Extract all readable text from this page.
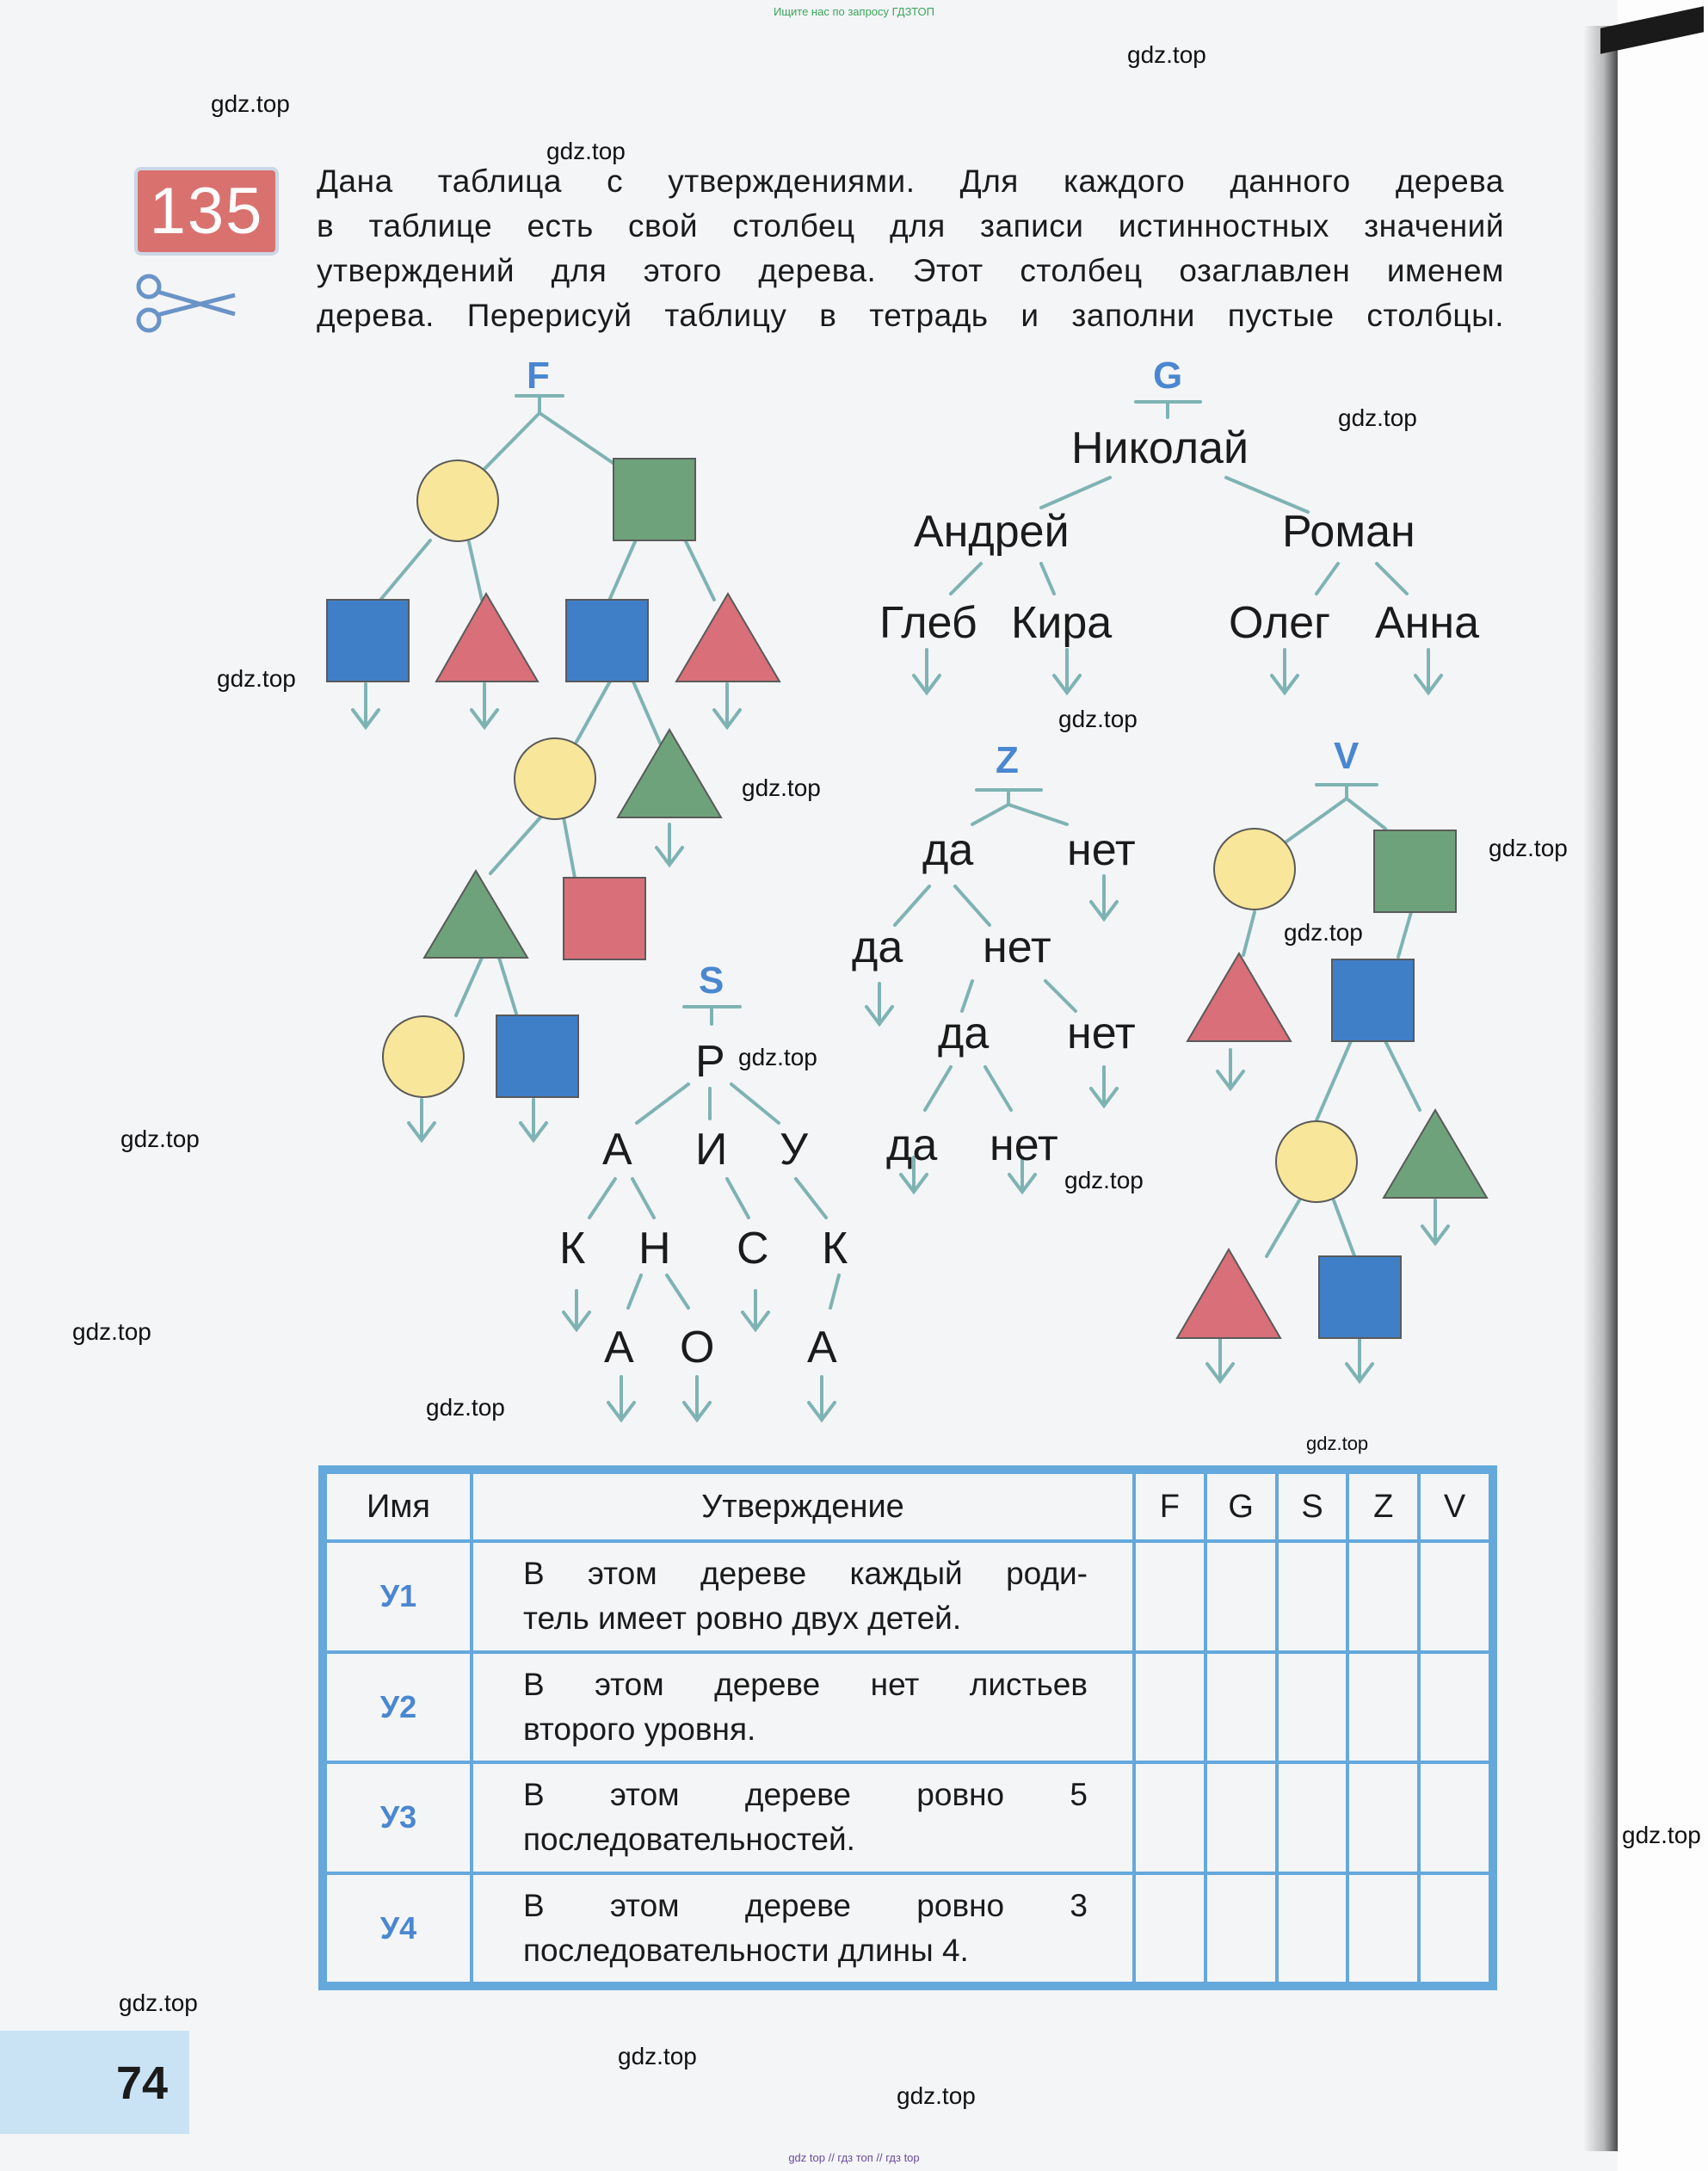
Ищите нас по запросу ГДЗТОП
gdz.top
gdz.top
gdz.top
gdz.top
gdz.top
gdz.top
gdz.top
gdz.top
gdz.top
gdz.top
gdz.top
gdz.top
gdz.top
gdz.top
gdz.top
gdz.top
gdz.top
gdz.top
gdz.top
135	Дана таблица с утверждениями. Для каждого данного дерева
в таблице есть свой столбец для записи истинностных значений
утверждений для этого дерева. Этот столбец озаглавлен именем
дерева. Перерисуй таблицу в тетрадь и заполни пустые столбцы.
F	G
Z	V
S
Николай
Андрей	Роман
Глеб Кира	Олег Анна
да нет
да нет
да нет
да нет
Р
А И У
К Н С К
А О А
Имя	Утверждение	F	G	S	Z	V
У1	В этом дереве каждый роди-
тель имеет ровно двух детей.					

У2	В этом дереве нет листьев
второго уровня.					

У3	В этом дереве ровно 5
последовательностей.					

У4	В этом дереве ровно 3
последовательности длины 4.					

74
gdz top // гдз топ // гдз top
